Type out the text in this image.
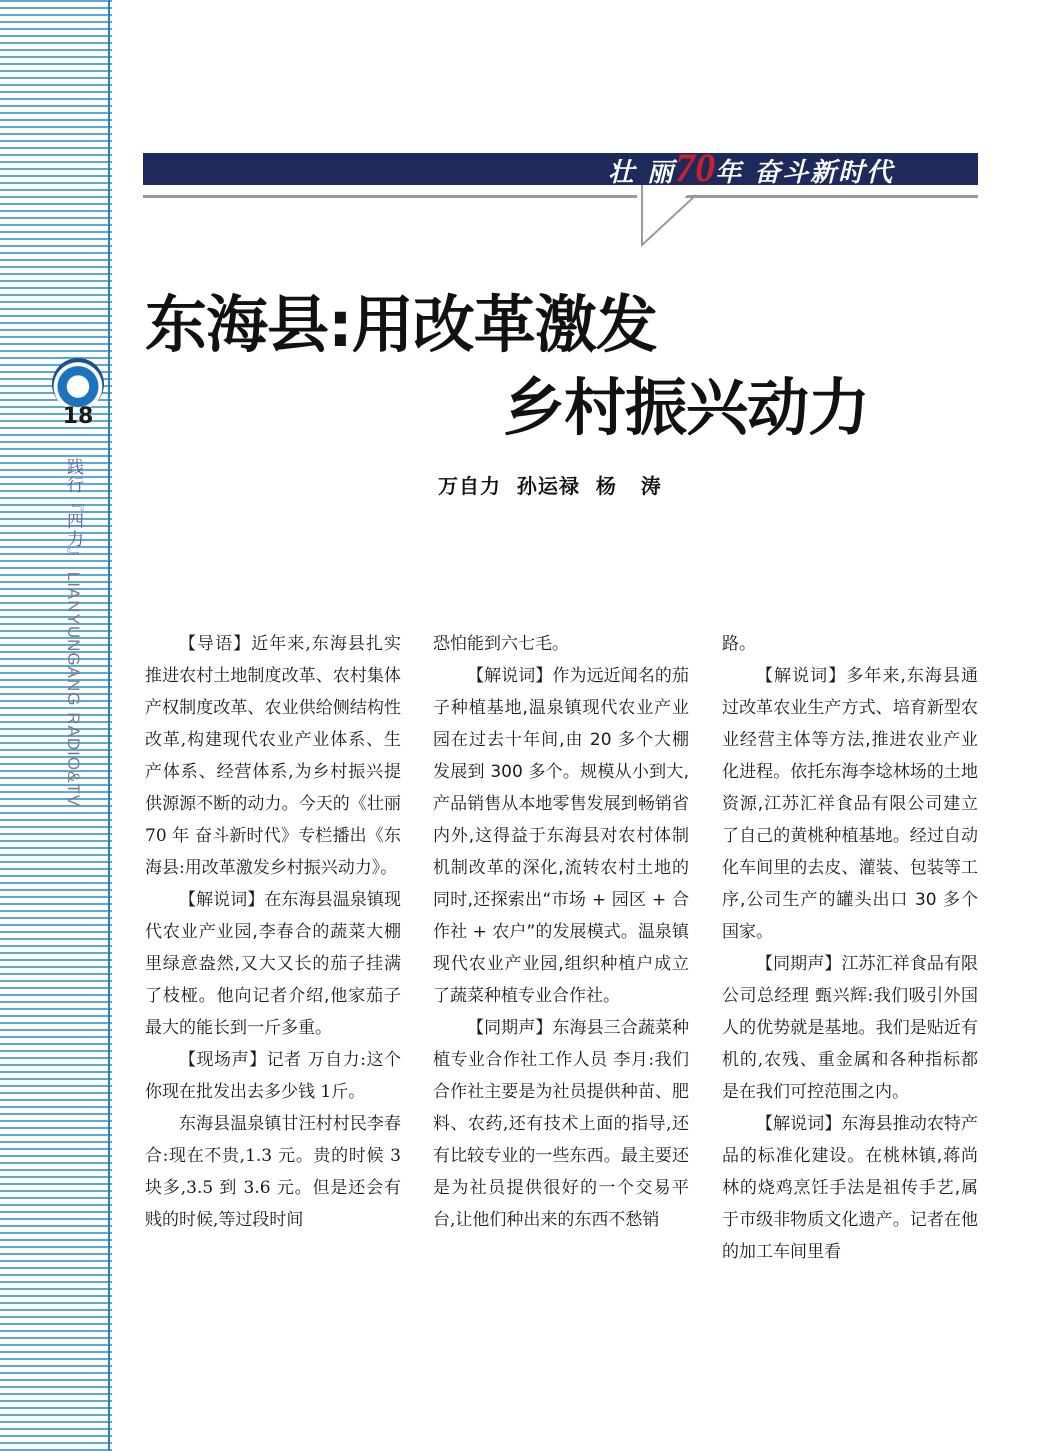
18
践行『四力』 LIANYUNGANG RADIO&TV
壮 丽70年 奋斗新时代
东海县:用改革激发
乡村振兴动力
万自力  孙运禄  杨   涛

【导语】近年来,东海县扎实推进农村土地制度改革、农村集体产权制度改革、农业供给侧结构性改革,构建现代农业产业体系、生产体系、经营体系,为乡村振兴提供源源不断的动力。今天的《壮丽 70 年 奋斗新时代》专栏播出《东海县:用改革激发乡村振兴动力》。

【解说词】在东海县温泉镇现代农业产业园,李春合的蔬菜大棚里绿意盎然,又大又长的茄子挂满了枝桠。他向记者介绍,他家茄子最大的能长到一斤多重。

【现场声】记者 万自力:这个你现在批发出去多少钱 1斤。

东海县温泉镇甘汪村村民李春合:现在不贵,1.3 元。贵的时候 3 块多,3.5 到 3.6 元。但是还会有贱的时候,等过段时间

恐怕能到六七毛。

【解说词】作为远近闻名的茄子种植基地,温泉镇现代农业产业园在过去十年间,由 20 多个大棚发展到 300 多个。规模从小到大,产品销售从本地零售发展到畅销省内外,这得益于东海县对农村体制机制改革的深化,流转农村土地的同时,还探索出“市场 + 园区 + 合作社 + 农户”的发展模式。温泉镇现代农业产业园,组织种植户成立了蔬菜种植专业合作社。

【同期声】东海县三合蔬菜种植专业合作社工作人员 李月:我们合作社主要是为社员提供种苗、肥料、农药,还有技术上面的指导,还有比较专业的一些东西。最主要还是为社员提供很好的一个交易平台,让他们种出来的东西不愁销

路。

【解说词】多年来,东海县通过改革农业生产方式、培育新型农业经营主体等方法,推进农业产业化进程。依托东海李埝林场的土地资源,江苏汇祥食品有限公司建立了自己的黄桃种植基地。经过自动化车间里的去皮、灌装、包装等工序,公司生产的罐头出口 30 多个国家。

【同期声】江苏汇祥食品有限公司总经理 甄兴辉:我们吸引外国人的优势就是基地。我们是贴近有机的,农残、重金属和各种指标都是在我们可控范围之内。

【解说词】东海县推动农特产品的标准化建设。在桃林镇,蒋尚林的烧鸡烹饪手法是祖传手艺,属于市级非物质文化遗产。记者在他的加工车间里看
